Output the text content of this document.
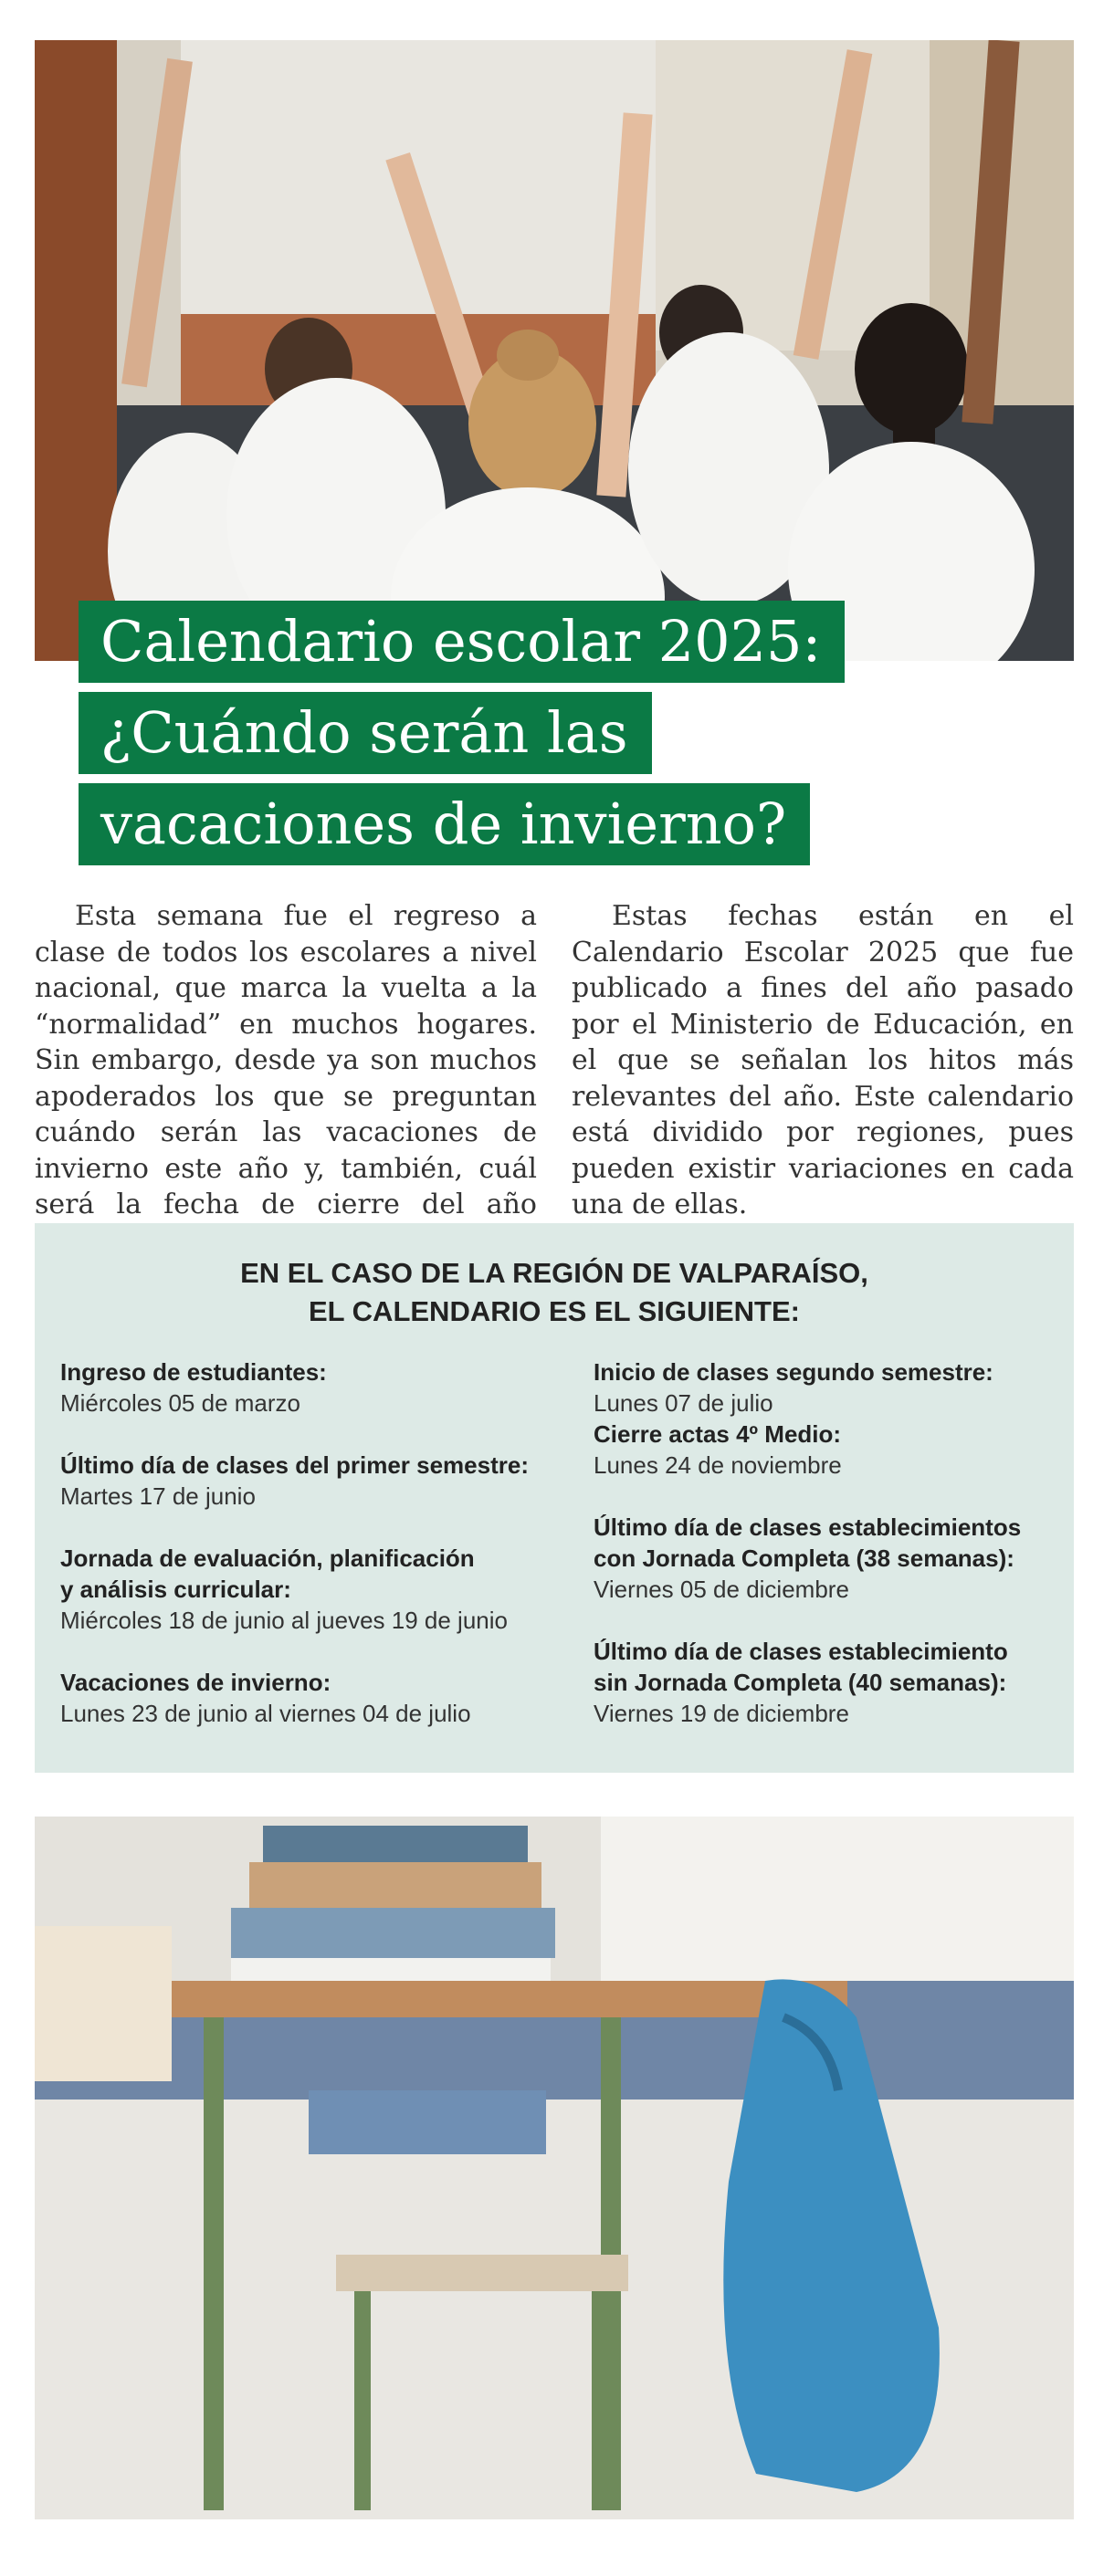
Calendario escolar 2025:
¿Cuándo serán las
vacaciones de invierno?

Esta semana fue el regreso a clase de todos los escolares a nivel nacional, que marca la vuelta a la “normalidad” en muchos hogares. Sin embargo, desde ya son muchos apoderados los que se preguntan cuándo serán las vacaciones de invierno este año y, también, cuál será la fecha de cierre del año

Estas fechas están en el Calendario Escolar 2025 que fue publicado a fines del año pasado por el Ministerio de Educación, en el que se señalan los hitos más relevantes del año. Este calendario está dividido por regiones, pues pueden existir variaciones en cada una de ellas.

EN EL CASO DE LA REGIÓN DE VALPARAÍSO,
EL CALENDARIO ES EL SIGUIENTE:
Ingreso de estudiantes:
Miércoles 05 de marzo
Último día de clases del primer semestre:
Martes 17 de junio
Jornada de evaluación, planificación
y análisis curricular:
Miércoles 18 de junio al jueves 19 de junio
Vacaciones de invierno:
Lunes 23 de junio al viernes 04 de julio
Inicio de clases segundo semestre:
Lunes 07 de julio
Cierre actas 4º Medio:
Lunes 24 de noviembre
Último día de clases establecimientos
con Jornada Completa (38 semanas):
Viernes 05 de diciembre
Último día de clases establecimiento
sin Jornada Completa (40 semanas):
Viernes 19 de diciembre
